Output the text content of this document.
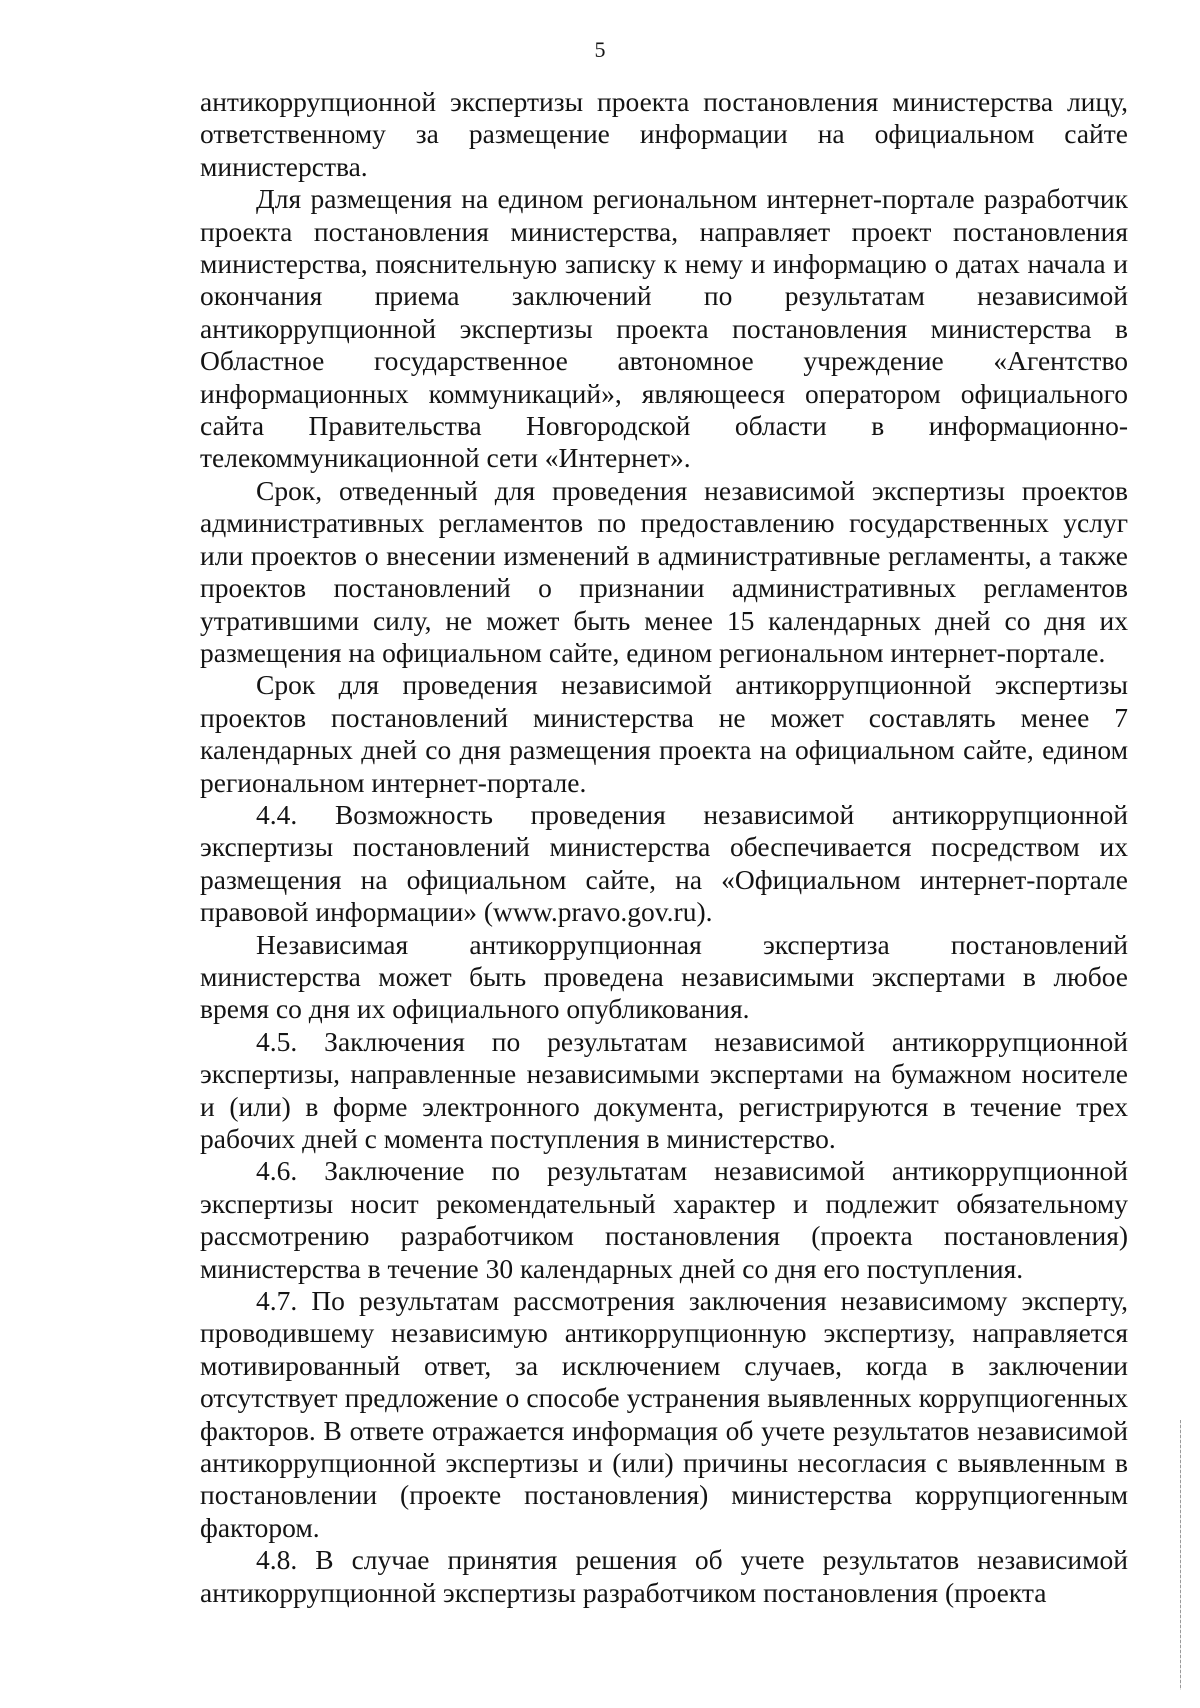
5

антикоррупционной экспертизы проекта постановления министерства лицу, ответственному за размещение информации на официальном сайте министерства.

Для размещения на едином региональном интернет-портале разработчик проекта постановления министерства, направляет проект постановления министерства, пояснительную записку к нему и информацию о датах начала и окончания приема заключений по результатам независимой антикоррупционной экспертизы проекта постановления министерства в Областное государственное автономное учреждение «Агентство информационных коммуникаций», являющееся оператором официального сайта Правительства Новгородской области в информационно-телекоммуникационной сети «Интернет».

Срок, отведенный для проведения независимой экспертизы проектов административных регламентов по предоставлению государственных услуг или проектов о внесении изменений в административные регламенты, а также проектов постановлений о признании административных регламентов утратившими силу, не может быть менее 15 календарных дней со дня их размещения на официальном сайте, едином региональном интернет-портале.

Срок для проведения независимой антикоррупционной экспертизы проектов постановлений министерства не может составлять менее 7 календарных дней со дня размещения проекта на официальном сайте, едином региональном интернет-портале.

4.4. Возможность проведения независимой антикоррупционной экспертизы постановлений министерства обеспечивается посредством их размещения на официальном сайте, на «Официальном интернет-портале правовой информации» (www.pravo.gov.ru).

Независимая антикоррупционная экспертиза постановлений министерства может быть проведена независимыми экспертами в любое время со дня их официального опубликования.

4.5. Заключения по результатам независимой антикоррупционной экспертизы, направленные независимыми экспертами на бумажном носителе и (или) в форме электронного документа, регистрируются в течение трех рабочих дней с момента поступления в министерство.

4.6. Заключение по результатам независимой антикоррупционной экспертизы носит рекомендательный характер и подлежит обязательному рассмотрению разработчиком постановления (проекта постановления) министерства в течение 30 календарных дней со дня его поступления.

4.7. По результатам рассмотрения заключения независимому эксперту, проводившему независимую антикоррупционную экспертизу, направляется мотивированный ответ, за исключением случаев, когда в заключении отсутствует предложение о способе устранения выявленных коррупциогенных факторов. В ответе отражается информация об учете результатов независимой антикоррупционной экспертизы и (или) причины несогласия с выявленным в постановлении (проекте постановления) министерства коррупциогенным фактором.

4.8. В случае принятия решения об учете результатов независимой антикоррупционной экспертизы разработчиком постановления (проекта
